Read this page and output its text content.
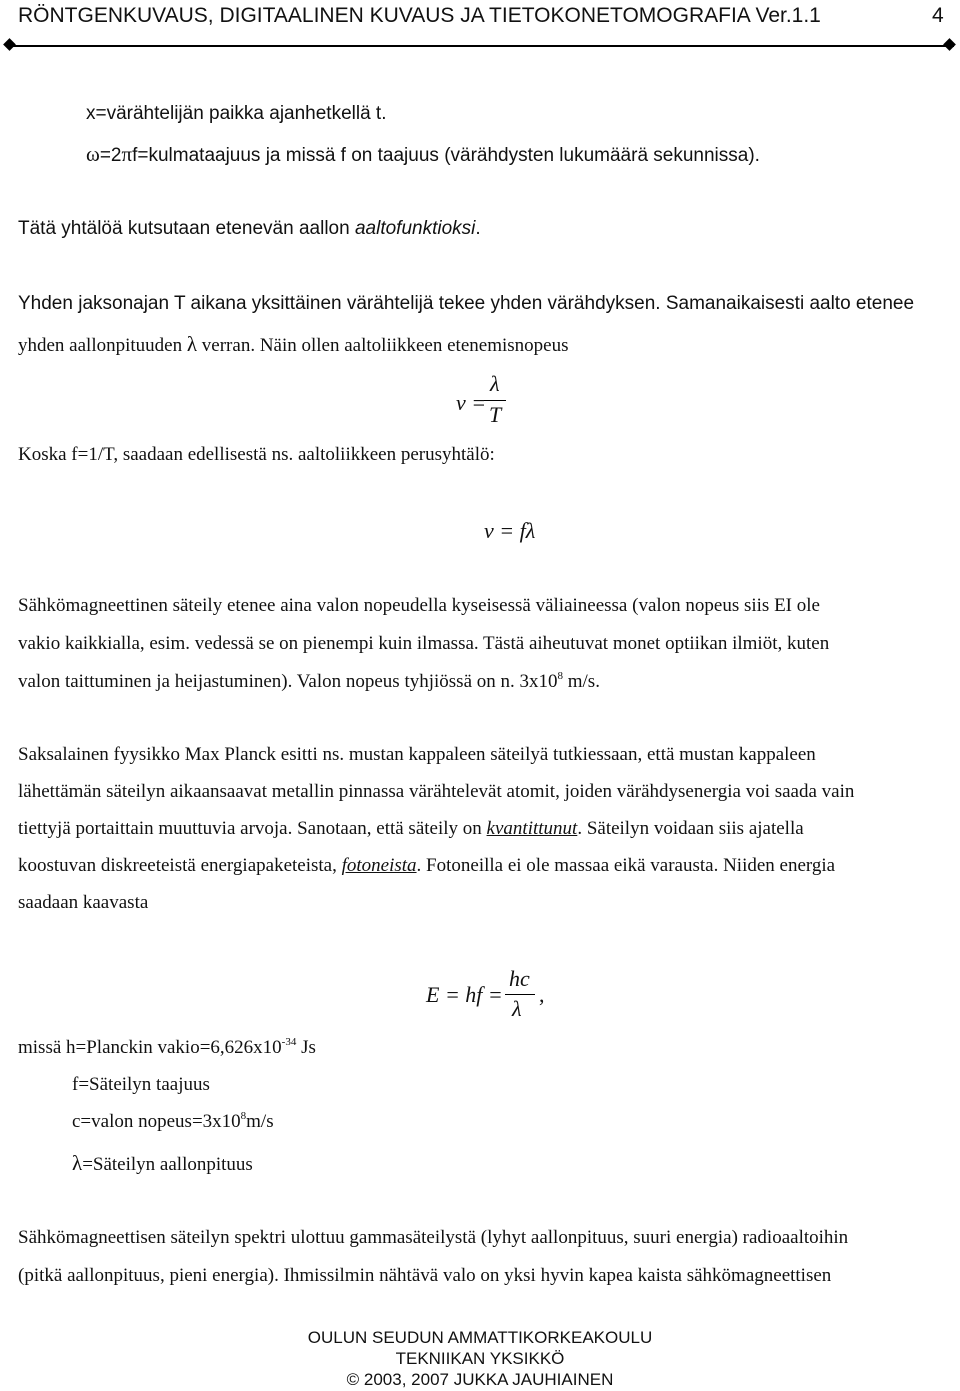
RÖNTGENKUVAUS, DIGITAALINEN KUVAUS JA TIETOKONETOMOGRAFIA Ver.1.1	4
x=värähtelijän paikka ajanhetkellä t.
ω=2πf=kulmataajuus ja missä f on taajuus (värähdysten lukumäärä sekunnissa).
Tätä yhtälöä kutsutaan etenevän aallon aaltofunktioksi.
Yhden jaksonajan T aikana yksittäinen värähtelijä tekee yhden värähdyksen. Samanaikaisesti aalto etenee
yhden aallonpituuden λ verran. Näin ollen aaltoliikkeen etenemisnopeus
v =
λ
T
Koska f=1/T, saadaan edellisestä ns. aaltoliikkeen perusyhtälö:
v = fλ
Sähkömagneettinen säteily etenee aina valon nopeudella kyseisessä väliaineessa (valon nopeus siis EI ole
vakio kaikkialla, esim. vedessä se on pienempi kuin ilmassa. Tästä aiheutuvat monet optiikan ilmiöt, kuten
valon taittuminen ja heijastuminen). Valon nopeus tyhjiössä on n. $3x10^8$ m/s.
Saksalainen fyysikko Max Planck esitti ns. mustan kappaleen säteilyä tutkiessaan, että mustan kappaleen
lähettämän säteilyn aikaansaavat metallin pinnassa värähtelevät atomit, joiden värähdysenergia voi saada vain
tiettyjä portaittain muuttuvia arvoja. Sanotaan, että säteily on kvantittunut. Säteilyn voidaan siis ajatella
koostuvan diskreeteistä energiapaketeista, fotoneista. Fotoneilla ei ole massaa eikä varausta. Niiden energia
saadaan kaavasta
E = hf =
hc
λ
,
missä h=Planckin $vakio=6,626x10^{-34}$ Js
f=Säteilyn taajuus
c=valon $nopeus=3x10^8m/s$
λ=Säteilyn aallonpituus
Sähkömagneettisen säteilyn spektri ulottuu gammasäteilystä (lyhyt aallonpituus, suuri energia) radioaaltoihin
(pitkä aallonpituus, pieni energia). Ihmissilmin nähtävä valo on yksi hyvin kapea kaista sähkömagneettisen
OULUN SEUDUN AMMATTIKORKEAKOULU
TEKNIIKAN YKSIKKÖ
© 2003, 2007 JUKKA JAUHIAINEN
